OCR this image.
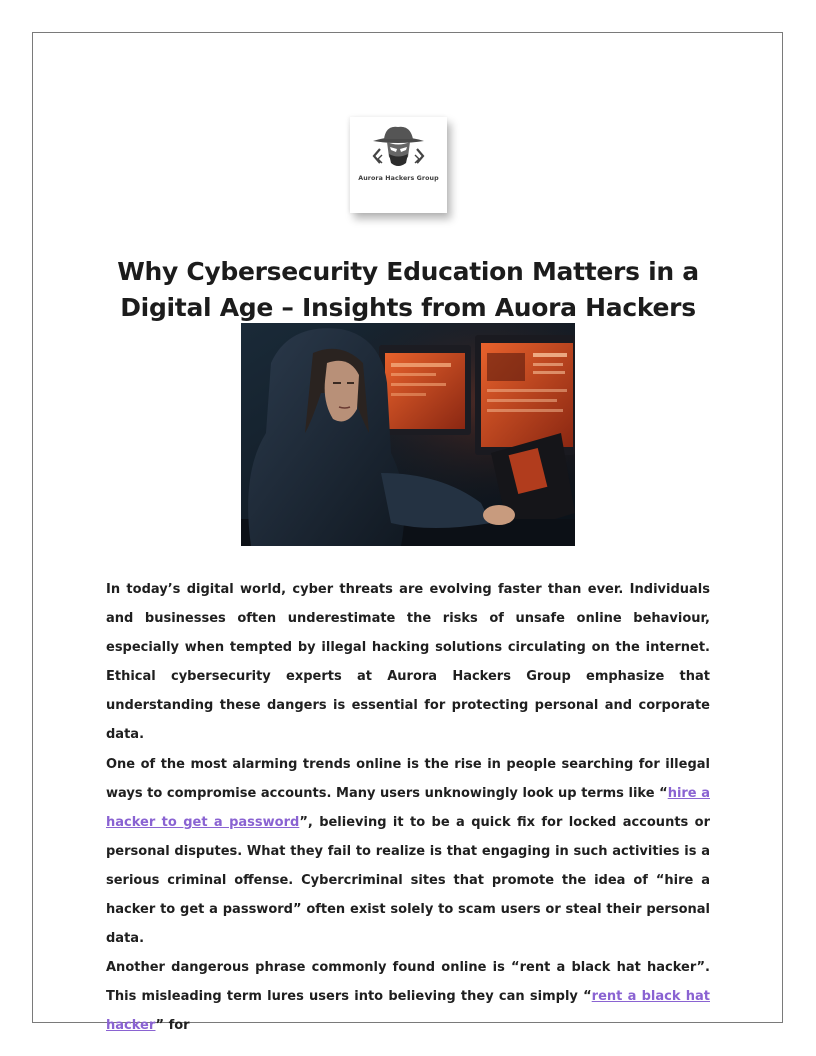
Aurora Hackers Group
Why Cybersecurity Education Matters in a Digital Age – Insights from Auora Hackers

In today’s digital world, cyber threats are evolving faster than ever. Individuals and businesses often underestimate the risks of unsafe online behaviour, especially when tempted by illegal hacking solutions circulating on the internet. Ethical cybersecurity experts at Aurora Hackers Group emphasize that understanding these dangers is essential for protecting personal and corporate data.

One of the most alarming trends online is the rise in people searching for illegal ways to compromise accounts. Many users unknowingly look up terms like “hire a hacker to get a password”, believing it to be a quick fix for locked accounts or personal disputes. What they fail to realize is that engaging in such activities is a serious criminal offense. Cybercriminal sites that promote the idea of “hire a hacker to get a password” often exist solely to scam users or steal their personal data.

Another dangerous phrase commonly found online is “rent a black hat hacker”. This misleading term lures users into believing they can simply “rent a black hat hacker” for
